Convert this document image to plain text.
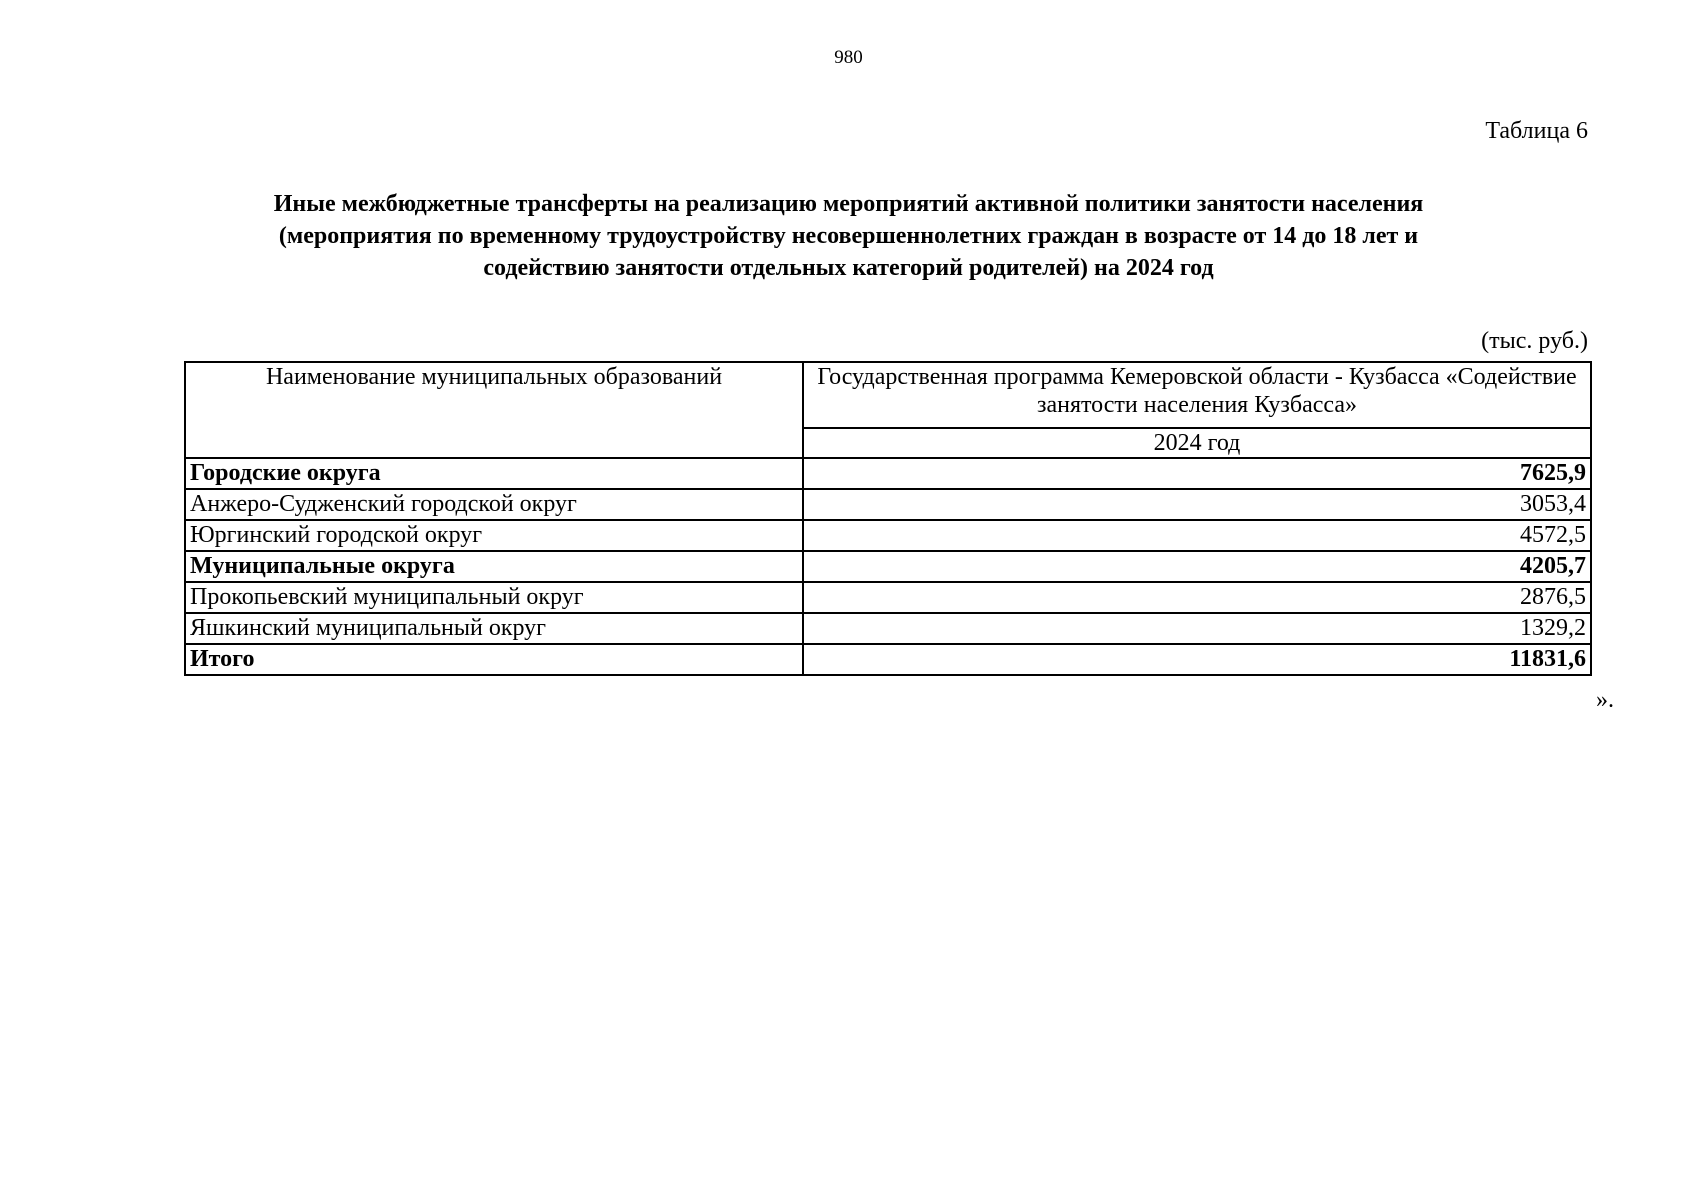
980
Таблица 6
Иные межбюджетные трансферты на реализацию мероприятий активной политики занятости населения
(мероприятия по временному трудоустройству несовершеннолетних граждан в возрасте от 14 до 18 лет и
содействию занятости отдельных категорий родителей) на 2024 год
(тыс. руб.)
Наименование муниципальных образований	Государственная программа Кемеровской области - Кузбасса «Содействие занятости населения Кузбасса»
	2024 год
Городские округа	7625,9
Анжеро-Судженский городской округ	3053,4
Юргинский городской округ	4572,5
Муниципальные округа	4205,7
Прокопьевский муниципальный округ	2876,5
Яшкинский муниципальный округ	1329,2
Итого	11831,6
».
